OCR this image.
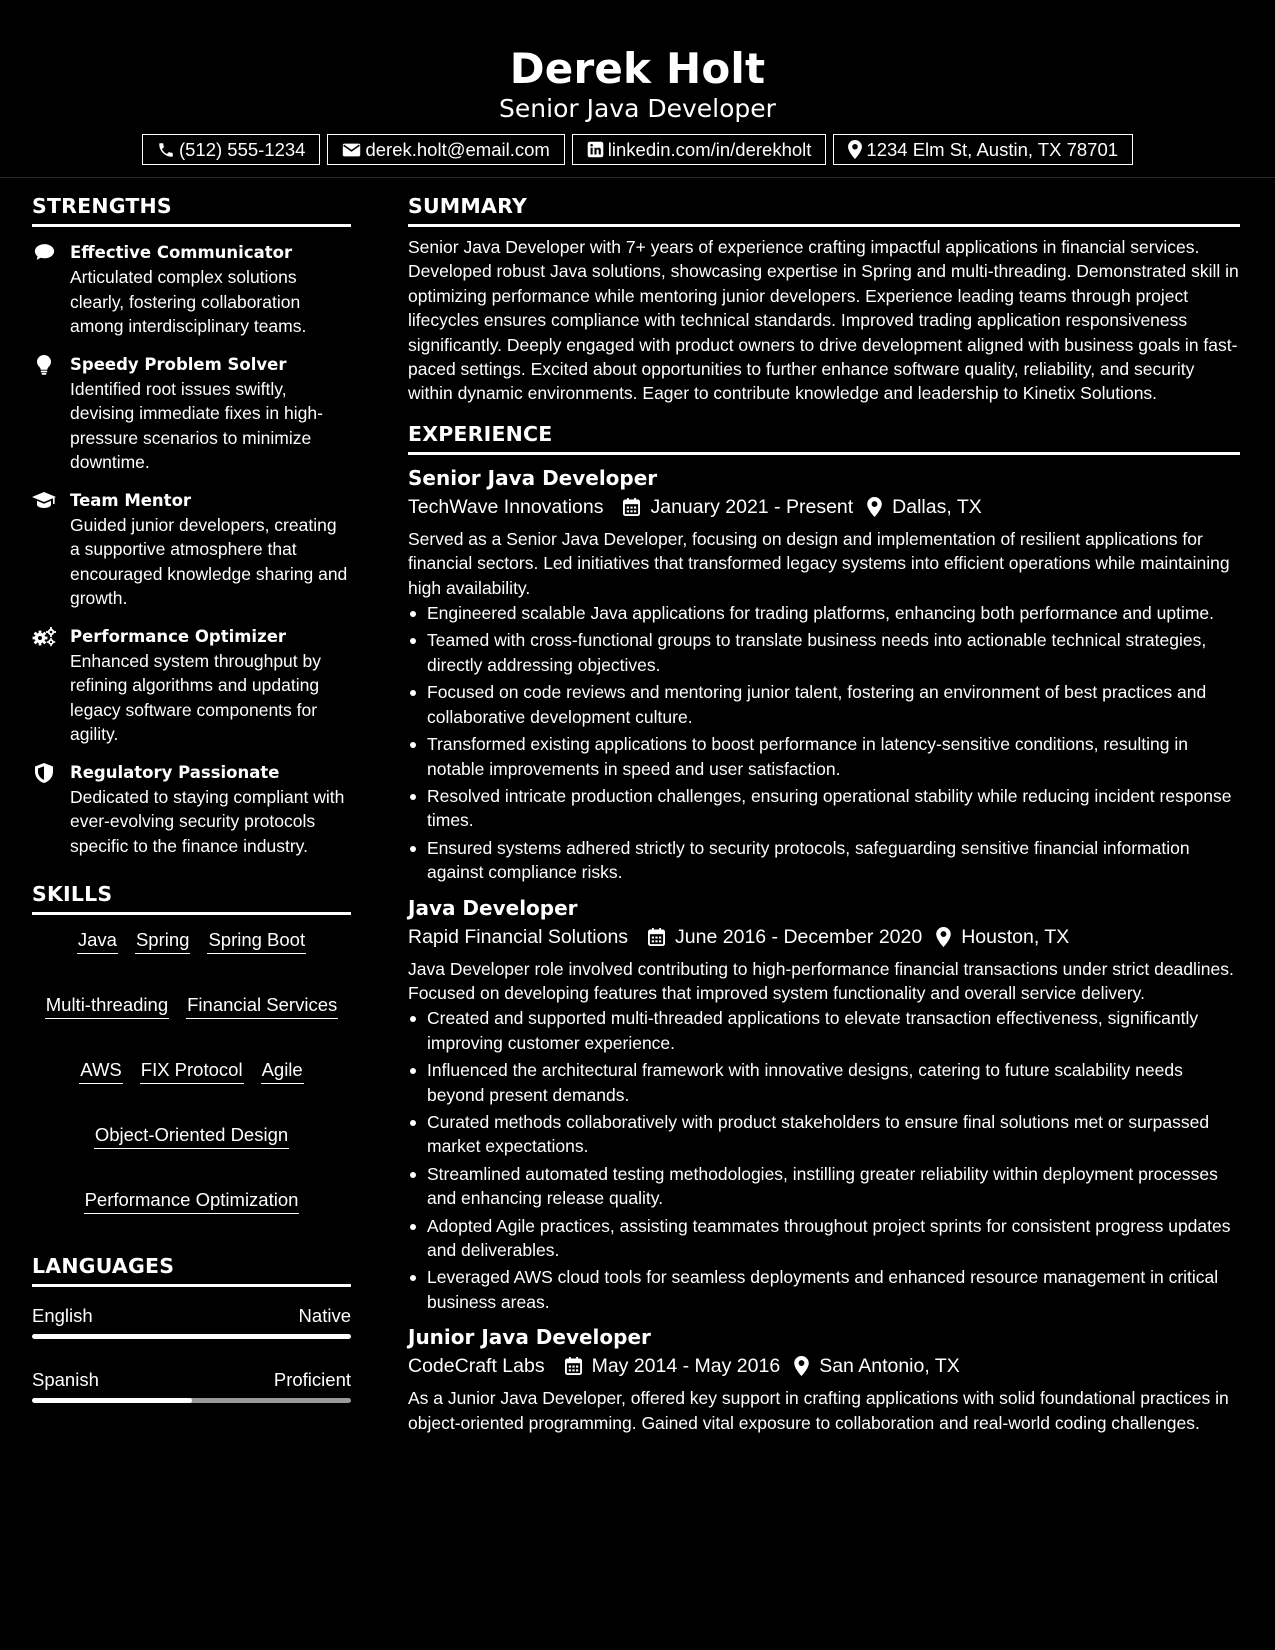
Derek Holt
Senior Java Developer
(512) 555-1234	derek.holt@email.com	linkedin.com/in/derekholt	1234 Elm St, Austin, TX 78701
STRENGTHS
Effective Communicator
Articulated complex solutions clearly, fostering collaboration among interdisciplinary teams.
Speedy Problem Solver
Identified root issues swiftly, devising immediate fixes in high-pressure scenarios to minimize downtime.
Team Mentor
Guided junior developers, creating a supportive atmosphere that encouraged knowledge sharing and growth.
Performance Optimizer
Enhanced system throughput by refining algorithms and updating legacy software components for agility.
Regulatory Passionate
Dedicated to staying compliant with ever-evolving security protocols specific to the finance industry.
SKILLS
Java Spring Spring Boot
Multi-threading Financial Services
AWS FIX Protocol Agile
Object-Oriented Design
Performance Optimization
LANGUAGES
English	Native
Spanish	Proficient
SUMMARY
Senior Java Developer with 7+ years of experience crafting impactful applications in financial services. Developed robust Java solutions, showcasing expertise in Spring and multi-threading. Demonstrated skill in optimizing performance while mentoring junior developers. Experience leading teams through project lifecycles ensures compliance with technical standards. Improved trading application responsiveness significantly. Deeply engaged with product owners to drive development aligned with business goals in fast-paced settings. Excited about opportunities to further enhance software quality, reliability, and security within dynamic environments. Eager to contribute knowledge and leadership to Kinetix Solutions.
EXPERIENCE
Senior Java Developer
TechWave Innovations January 2021 - Present Dallas, TX
Served as a Senior Java Developer, focusing on design and implementation of resilient applications for financial sectors. Led initiatives that transformed legacy systems into efficient operations while maintaining high availability.
Engineered scalable Java applications for trading platforms, enhancing both performance and uptime.
Teamed with cross-functional groups to translate business needs into actionable technical strategies, directly addressing objectives.
Focused on code reviews and mentoring junior talent, fostering an environment of best practices and collaborative development culture.
Transformed existing applications to boost performance in latency-sensitive conditions, resulting in notable improvements in speed and user satisfaction.
Resolved intricate production challenges, ensuring operational stability while reducing incident response times.
Ensured systems adhered strictly to security protocols, safeguarding sensitive financial information against compliance risks.
Java Developer
Rapid Financial Solutions June 2016 - December 2020 Houston, TX
Java Developer role involved contributing to high-performance financial transactions under strict deadlines. Focused on developing features that improved system functionality and overall service delivery.
Created and supported multi-threaded applications to elevate transaction effectiveness, significantly improving customer experience.
Influenced the architectural framework with innovative designs, catering to future scalability needs beyond present demands.
Curated methods collaboratively with product stakeholders to ensure final solutions met or surpassed market expectations.
Streamlined automated testing methodologies, instilling greater reliability within deployment processes and enhancing release quality.
Adopted Agile practices, assisting teammates throughout project sprints for consistent progress updates and deliverables.
Leveraged AWS cloud tools for seamless deployments and enhanced resource management in critical business areas.
Junior Java Developer
CodeCraft Labs May 2014 - May 2016 San Antonio, TX
As a Junior Java Developer, offered key support in crafting applications with solid foundational practices in object-oriented programming. Gained vital exposure to collaboration and real-world coding challenges.
